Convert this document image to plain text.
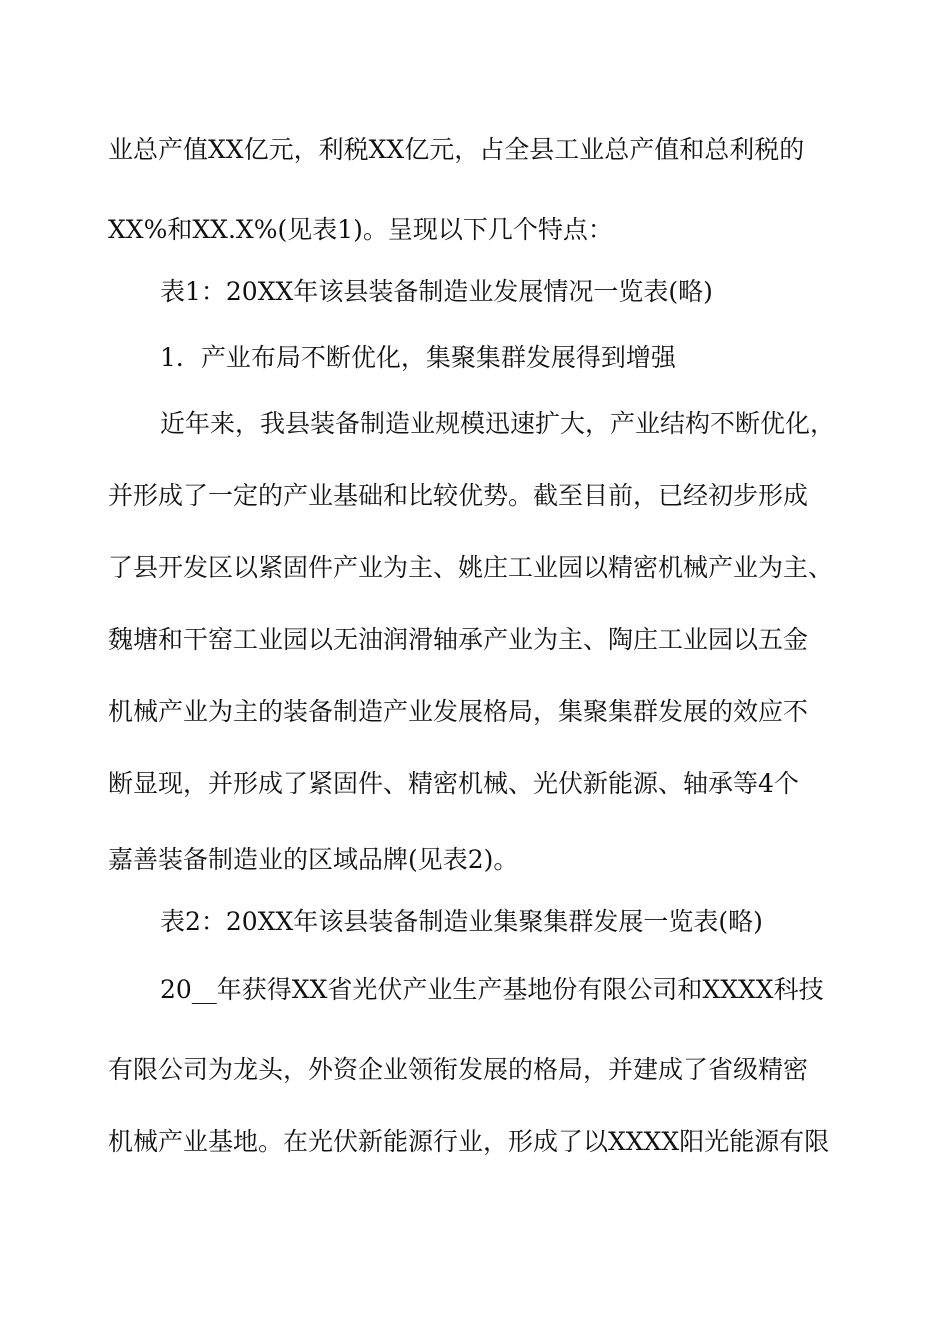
业总产值XX亿元，利税XX亿元，占全县工业总产值和总利税的
XX%和XX.X%(见表1)。呈现以下几个特点：
表1：20XX年该县装备制造业发展情况一览表(略)
1．产业布局不断优化，集聚集群发展得到增强
近年来，我县装备制造业规模迅速扩大，产业结构不断优化，
并形成了一定的产业基础和比较优势。截至目前，已经初步形成
了县开发区以紧固件产业为主、姚庄工业园以精密机械产业为主、
魏塘和干窑工业园以无油润滑轴承产业为主、陶庄工业园以五金
机械产业为主的装备制造产业发展格局，集聚集群发展的效应不
断显现，并形成了紧固件、精密机械、光伏新能源、轴承等4个
嘉善装备制造业的区域品牌(见表2)。
表2：20XX年该县装备制造业集聚集群发展一览表(略)
20__年获得XX省光伏产业生产基地份有限公司和XXXX科技
有限公司为龙头，外资企业领衔发展的格局，并建成了省级精密
机械产业基地。在光伏新能源行业，形成了以XXXX阳光能源有限
